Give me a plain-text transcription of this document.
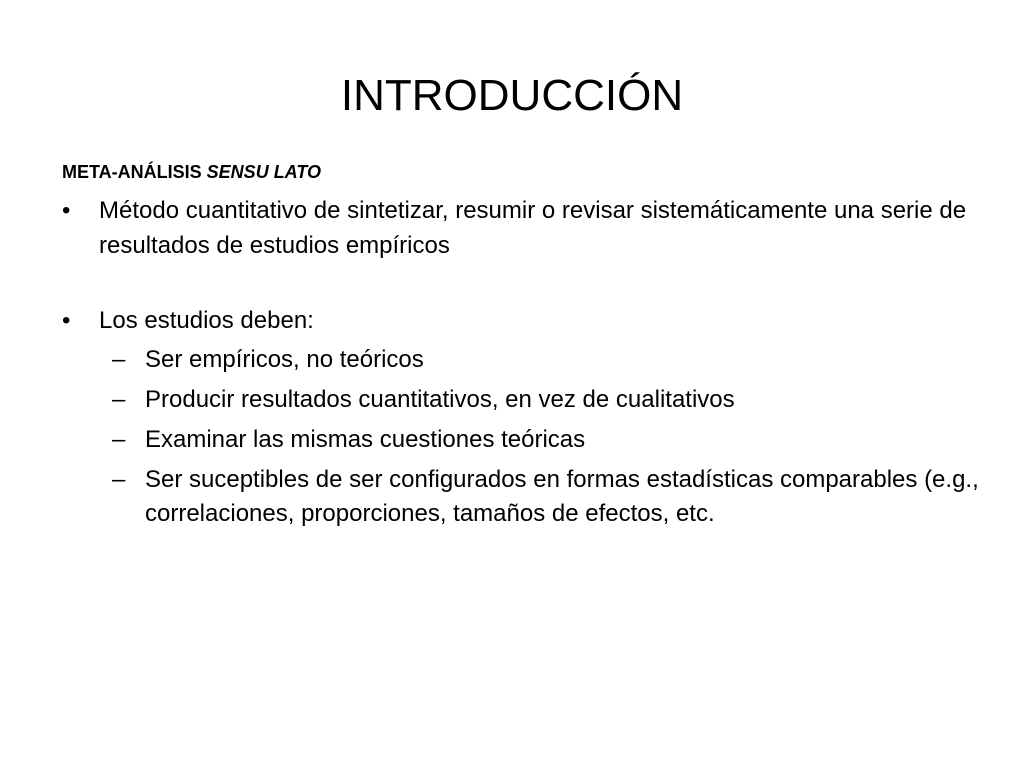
INTRODUCCIÓN

META-ANÁLISIS SENSU LATO

•	Método cuantitativo de sintetizar, resumir o revisar sistemáticamente una serie de resultados de estudios empíricos
•	Los estudios deben:
– Ser empíricos, no teóricos
– Producir resultados cuantitativos, en vez de cualitativos
– Examinar las mismas cuestiones teóricas
– Ser suceptibles de ser configurados en formas estadísticas comparables (e.g., correlaciones, proporciones, tamaños de efectos, etc.
